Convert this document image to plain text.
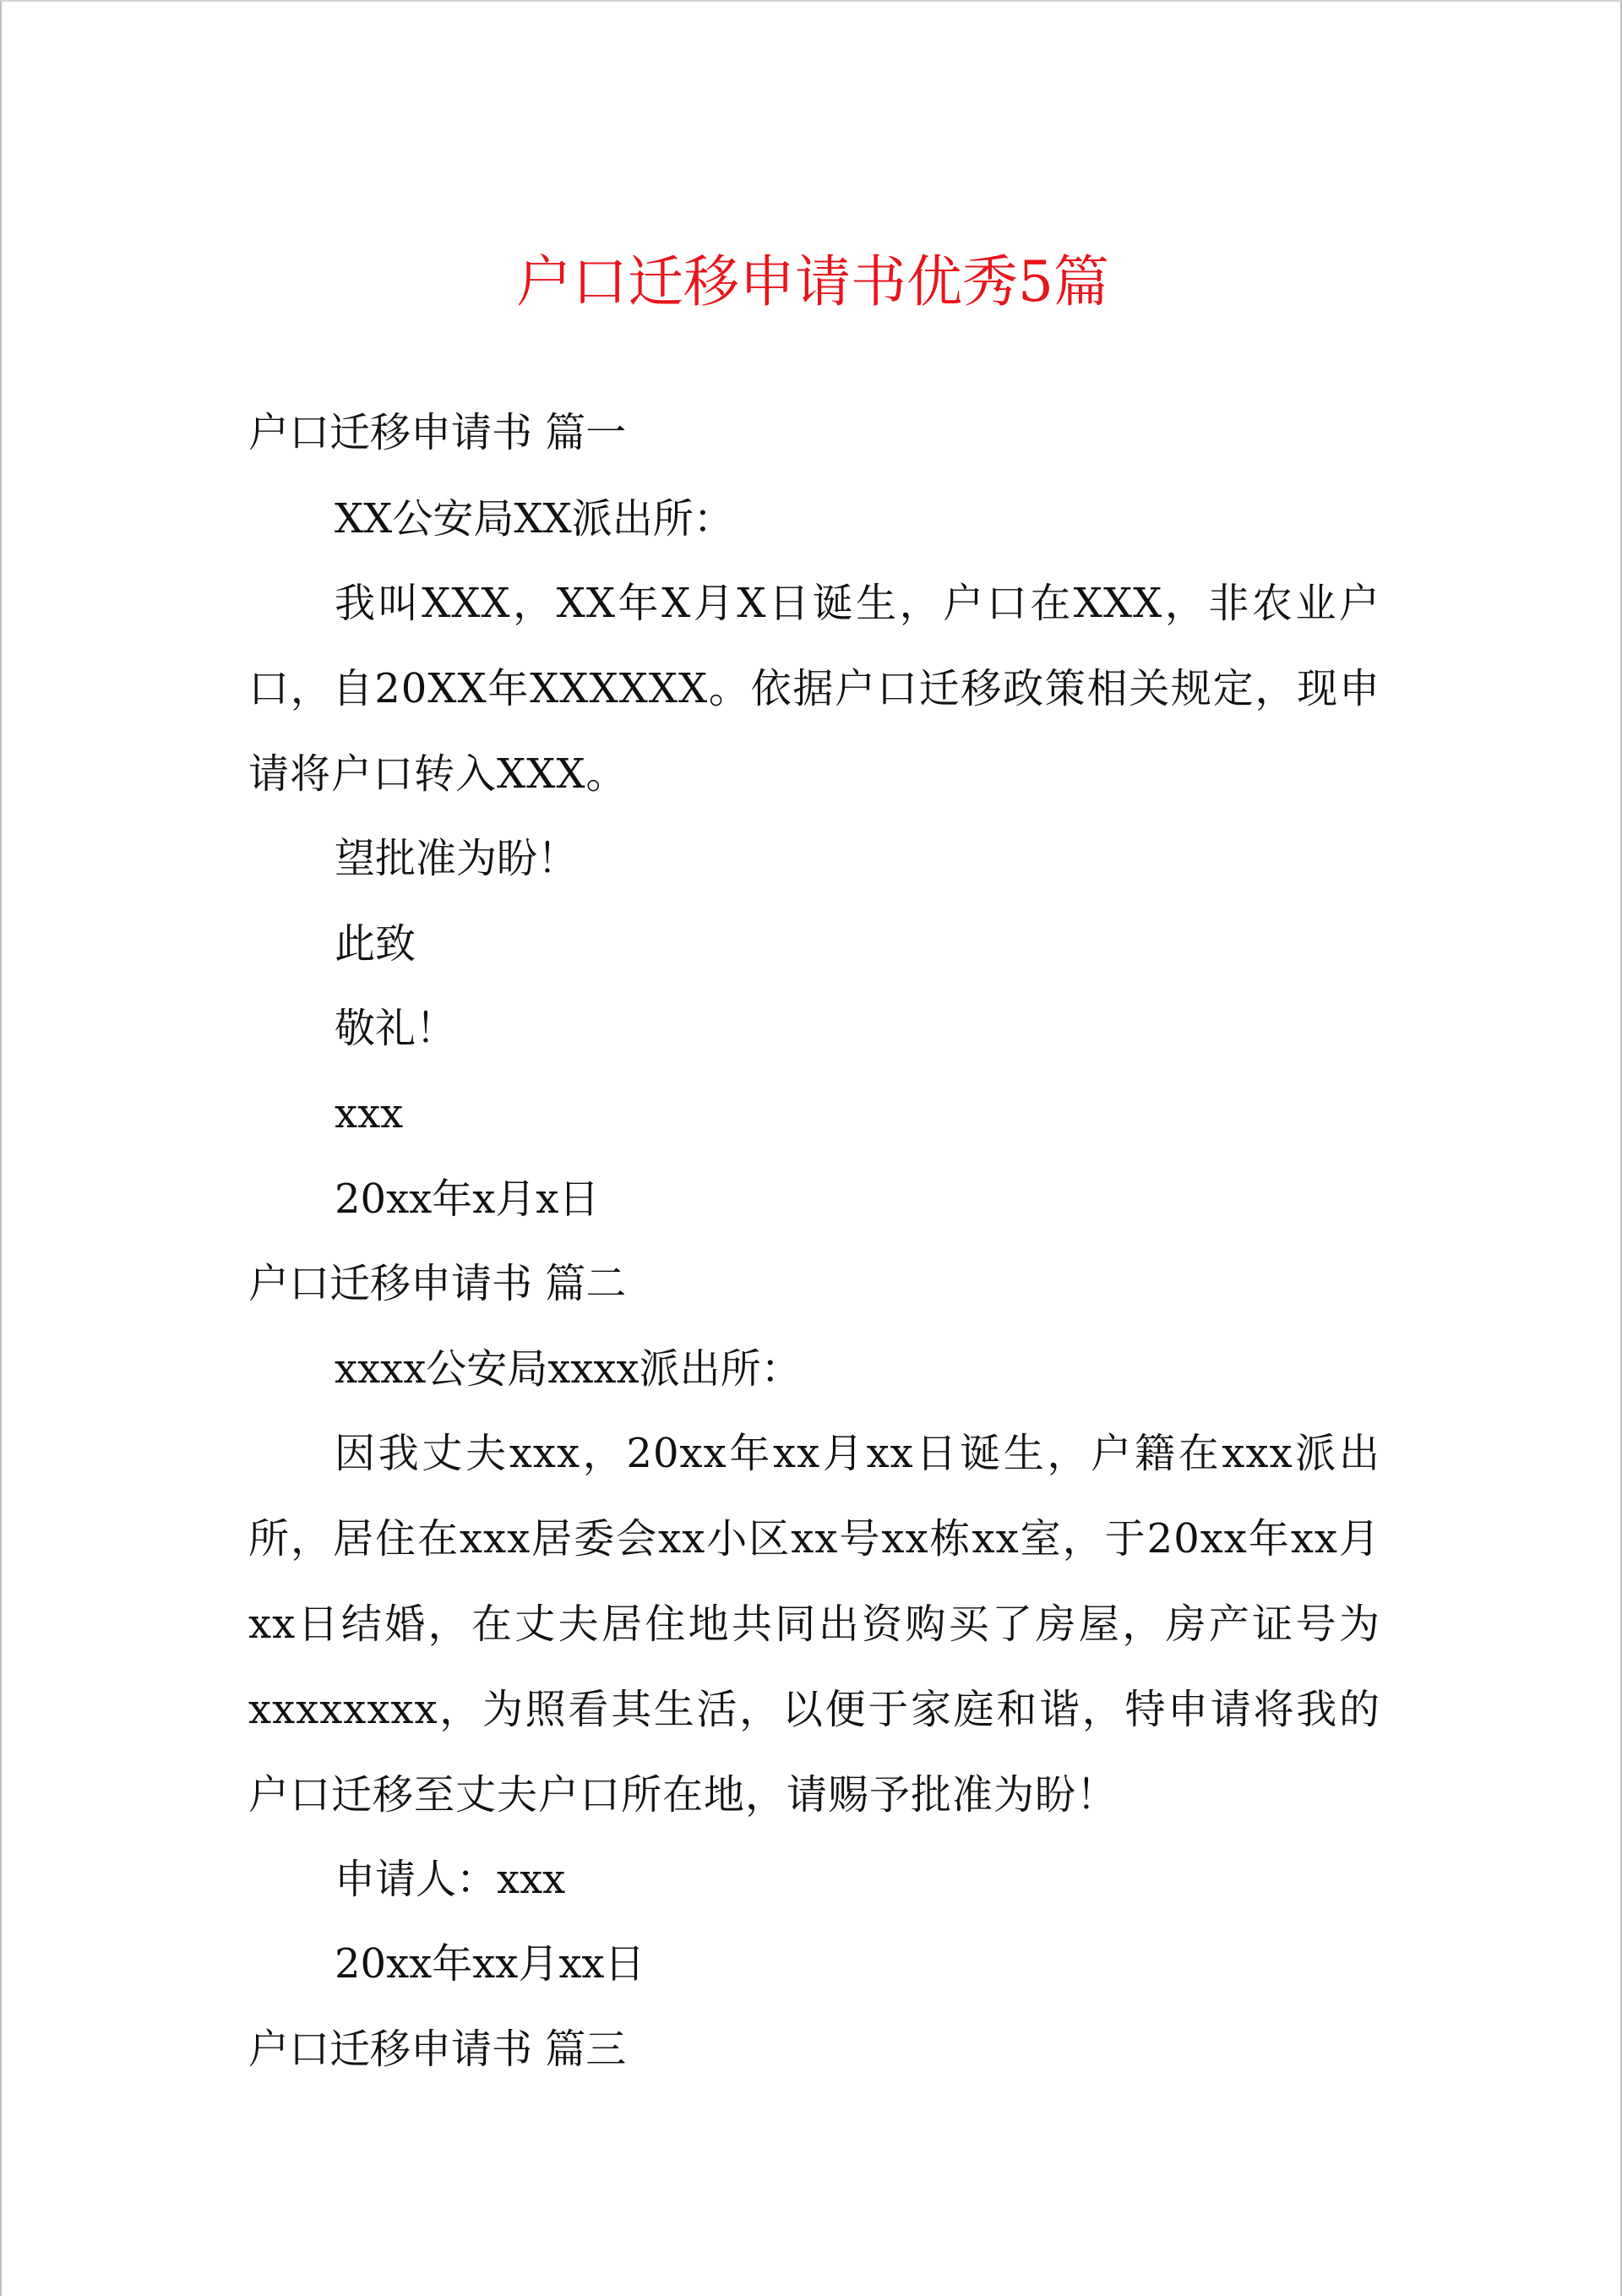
户口迁移申请书优秀5篇
户口迁移申请书 篇一
XX公安局XX派出所：
我叫XXX，XX年X月X日诞生，户口在XXX，非农业户口，自20XX年XXXXXX。依据户口迁移政策相关规定，现申请将户口转入XXX。
望批准为盼！
此致
敬礼！
xxx
20xx年x月x日
户口迁移申请书 篇二
xxxx公安局xxxx派出所：
因我丈夫xxx，20xx年xx月xx日诞生，户籍在xxx派出所，居住在xxx居委会xx小区xx号xx栋xx室，于20xx年xx月xx日结婚，在丈夫居住地共同出资购买了房屋，房产证号为xxxxxxxx，为照看其生活，以便于家庭和谐，特申请将我的户口迁移至丈夫户口所在地，请赐予批准为盼！
申请人：xxx
20xx年xx月xx日
户口迁移申请书 篇三
